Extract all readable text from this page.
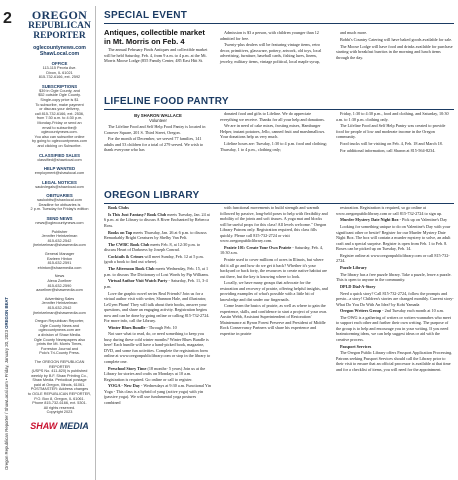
2
Oregon Republican Reporter / ShawLocal.com • Friday, January 20, 2023 OREGON BEAT
OREGON
REPUBLICAN
REPORTER
oglecountynews.com
ShawLocal.com
OFFICE
113-115 Peoria Ave.
Dixon, IL 61021
815-732-6166, ext. 2592
SUBSCRIPTIONS
$39 in Ogle County, and
$52 outside Ogle County.
Single-copy price is $1
To subscribe, make payment
or discuss your delivery,
call 815-732-6166, ext. 2536,
from 7:30 a.m. to 4:30 p.m.
Monday-Friday or send an
email to subscribe@
oglecountynews.com.
You also can subscribe online
by going to oglecountynews.com
and clicking on Subscribe.
CLASSIFIED SALES
classified@shawlocal.com
HELP WANTED
employment@shawlocal.com
LEGAL NOTICES
saukvlegals@shawlocal.com
OBITUARIES
saukobits@shawlocal.com
Deadline for obituaries is
2 p.m. Tuesday for Friday's edition
SEND NEWS
news@oglecountynews.com
Publisher
Jennifer Heintzelman
815-632-2542
jheintzelman@shawmedia.com
General Manager
Earleen Hinton
815-632-2591
ehinton@shawmedia.com
News
Alexa Zoellner
815-632-2590
azoellner@shawmedia.com
Advertising Sales
Jennifer Heintzelman
815-632-2542
jheintzelman@shawmedia.com
Oregon Republican Reporter,
Ogle County News and
oglecountynews.com are
a division of Shaw Media.
Ogle County Newspapers also
prints the Mt. Morris Times,
Forreston Journal and
Polo's Tri-County Press.
The OREGON REPUBLICAN REPORTER
(USPS No. 411-820) is published
weekly by B.F. Shaw Printing Co.,
Shaw Media. Periodical postage
paid at Oregon, Illinois, 61061.
POSTMASTER: Address changes
to OGLE REPUBLICAN REPORTER,
P.O. Box 8, Oregon, IL 61061.
Phone 815-732-6166, ext. 5301.
All rights reserved.
Copyright 2023
SHAW MEDIA
SPECIAL EVENT
Antiques, collectible market in Mt. Morris on Feb. 4

The annual February Finds Antiques and collectible market will be held Saturday, Feb. 4, from 9 a.m. to 4 p.m. at the Mt. Morris Moose Lodge (855 Family Center, 485 East Hitt St.

Admission is $3 a person, with children younger than 12 admitted for free.

Twenty-plus dealers will be featuring vintage items, retro decor, primitives, glassware, pottery, artwork, old toys, local advertising, furniture, baseball cards, fishing lures, linens, jewelry, military items, vintage political, local maple syrup,

and much more.

Bobbi's Country Catering will have baked goods available for sale.

The Moose Lodge will have food and drinks available for purchase starting with breakfast burritos in the morning and lunch items through the day.

LIFELINE FOOD PANTRY
By SHARON WALLACE
Volunteer

The Lifeline Food and Self Help Food Pantry is located in Conover Square, 201 S. Third Street, Oregon.

For the month of December, we served 77 families, 141 adults and 53 children for a total of 279 served. We wish to thank everyone who has

donated food and gifts to Lifeline. We do appreciate everything we receive. Thanks for all your help and donations.

We are in need of cake mixes, frosting mixes, Hamburger Helper, instant potatoes, Jello, canned fruit and marshmallows. Your donations help us very much.

Lifeline hours are: Tuesday, 1:30 to 4 p.m. food and clothing; Thursday, 1 to 4 p.m., clothing only;

Friday, 1:30 to 4:30 p.m., food and clothing, and Saturday, 10:30 a.m. to 1:30 p.m. clothing only.

The Lifeline Food and Self Help Pantry was created to provide food for people of low and moderate income in the Oregon community.

Food trucks will be visiting on Feb. 4, Feb. 18 and March 18.

For additional information, call Sharon at 815-564-8234.

OREGON LIBRARY

Book Clubs

Is This Just Fantasy? Book Club meets Tuesday, Jan. 24 at 6 p.m. at the Library to discuss A River Enchanted by Rebecca Ross.

Books on Tap meets Thursday, Jan. 26 at 6 p.m. to discuss Remarkably Bright Creatures by Shelby Van Pelt.

The CWBC Book Club meets Feb. 8, at 12:30 p.m. to discuss Heart of Darkness by Joseph Conrad.

Cocktails & Crimes will meet Sunday, Feb. 12 at 5 p.m. (grab a book to find out where).

The Afternoon Book Club meets Wednesday, Feb. 15, at 1 p.m. to discuss The Dictionary of Lost Words by Pip Williams.

Virtual Author Visit Watch Party - Saturday, Feb. 11, 3-4 p.m.

Love the graphic novel series Real Friends? Join us for a virtual author visit with writer, Shannon Hale, and illustrator, LeUyen Pham! They will talk about their books, answer your questions, and share an engaging activity. Registration begins now and can be done by going online or calling 815-732-2724. For more info, call the Library.

Winter Blues Bundle - Through Feb. 10

Not sure what to read, do, or need something to keep you busy during these cold winter months? Winter Blues Bundle is here! Each bundle will have a hand-picked book, magazine, DVD, and some fun activities. Complete the registration form online at www.oregonpubliclibrary.com or stop in the library to complete one.

Preschool Story Time (18 months- 5 years) Join us at the Library for stories and crafts on Mondays at 10 a.m. Registration is required. Go online or call to register.

YOGA - New Day - Wednesdays at 9:30 a.m. Functional Yin Yoga - This class is a hybrid of yang (active yoga) with yin (passive yoga). We will use fundamental yoga postures combined

with functional movements to build strength and warmth followed by passive, long-held poses to help with flexibility and mobility of the joints and soft tissues. A yoga mat and blocks will be useful props for this class! All levels welcome." Oregon Library Patrons only. Registration required, this class fills quickly. Please call 815-732-2724 or visit www.oregonpubliclibrary.com.

Prairie 101: Create Your Own Prairie - Saturday, Feb. 4, 10:30 a.m.

Prairie used to cover millions of acres in Illinois, but where did it all go and how do we get it back? Whether it's your backyard or back forty, the resources to create native habitat are out there, but the key is knowing where to look.

Locally, we have many groups that advocate for the restoration and recovery of prairie, offering helpful insights, and providing examples of what's possible with a little bit of knowledge and dirt under our fingernails.

Come learn the basics of prairie, as well as where to gain the experience, skills, and confidence to start a project of your own. Austin Webb, Assistant Superintendent of Restoration/ Maintenance at Byron Forest Preserve and President of Middle Rock Conservancy Partners will share his experience and expertise in prairie

restoration. Registration is required, so go online at www.oregonpubliclibrary.com or call 815-732-2724 to sign up.

Murder Mystery Date Night Box - Pick up on Valentine's Day

Looking for something unique to do on Valentine's Day with your significant other or bestie? Register for our Murder Mystery Date Night Box. The box will contain a murder mystery to solve, an adult craft and a special surprise. Register is open from Feb. 1 to Feb. 8. Boxes can be picked up on Tuesday, Feb. 14.

Register online at www.oregonpubliclibrary.com or call 815-732-2724.

Puzzle Library

The library has a free puzzle library. Take a puzzle, leave a puzzle. This is open to anyone in the community.

DPLD Dial-A-Story

Need a quick story? Call 815-732-2724, follow the prompts and presto...a story! Children's stories are changed monthly. Current story- What Do You Do With An Idea? by Kobi Yamada

Oregon Writers Group - 2nd Tuesday each month at 10 a.m.

The OWG is a gathering of writers or writers-wannabes who meet to support each other and further their own writing. The purpose of the group is to help and encourage you in your writing. If you need brainstorming ideas, we can help suggest ideas or aid with the creative process.

Passport Services

The Oregon Public Library offers Passport Application Processing. Patrons seeking Passport Services should call the Library prior to their visit to ensure that an official processor is available at that time and for a checklist of items, you will need for the appointment.
